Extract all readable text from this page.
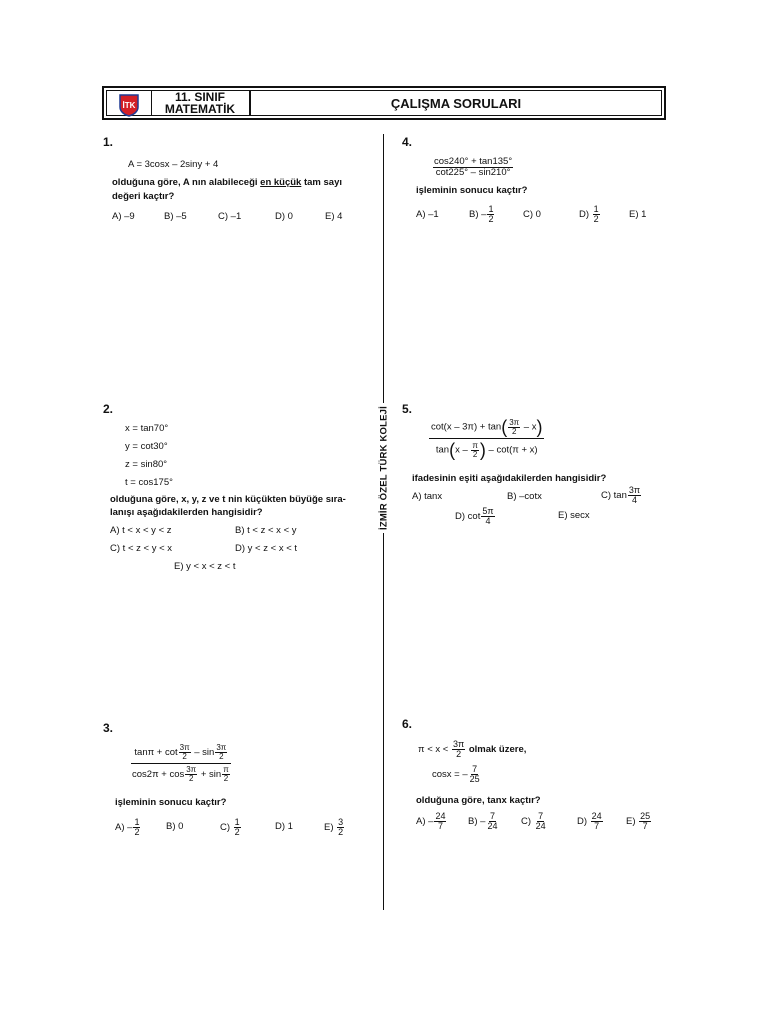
İTK
11. SINIF
MATEMATİK	ÇALIŞMA SORULARI
İZMİR ÖZEL TÜRK KOLEJİ
1.
A = 3cosx – 2siny + 4
olduğuna göre, A nın alabileceği en küçük tam sayı
değeri kaçtır?
A) –9	B) –5	C) –1	D) 0	E) 4
2.
x = tan70°
y = cot30°
z = sin80°
t = cos175°
olduğuna göre, x, y, z ve t nin küçükten büyüğe sıra-
lanışı aşağıdakilerden hangisidir?
A) t < x < y < z	B) t < z < x < y
C) t < z < y < x	D) y < z < x < t
E) y < x < z < t
3.
$\frac{\tan\pi + \cot \frac{3\pi}{2} - \sin \frac{3\pi}{2}}{\cos 2\pi + \cos \frac{3\pi}{2} + \sin \frac{\pi}{2}}$
işleminin sonucu kaçtır?
$A) - \frac{1}{2}$	B) 0	$C) \frac{1}{2}$	D) 1	$E) \frac{3}{2}$
4.
$\frac{\cos 240^\circ + \tan 135^\circ}{\cot 225^\circ - \sin 210^\circ}$
işleminin sonucu kaçtır?
A) –1	$B) - \frac{1}{2}$	C) 0	$D) \frac{1}{2}$	E) 1
5.
$\frac{\cot(x - 3\pi) + \tan( \frac{3\pi}{2} - x)}{\tan(x - \frac{\pi}{2} ) - \cot(\pi + x)}$
ifadesinin eşiti aşağıdakilerden hangisidir?
A) tanx	B) –cotx	C) $\tan \frac{3\pi}{4}$
D) $\cot \frac{5\pi}{4}$	E) secx
6.
$\pi < x < \frac{3\pi}{2}$ olmak üzere,
cosx = – $\frac{7}{25}$
olduğuna göre, tanx kaçtır?
$A) - \frac{24}{7} B) - \frac{7}{24} C) \frac{7}{24}$	$D) \frac{24}{7} E) \frac{25}{7}$
